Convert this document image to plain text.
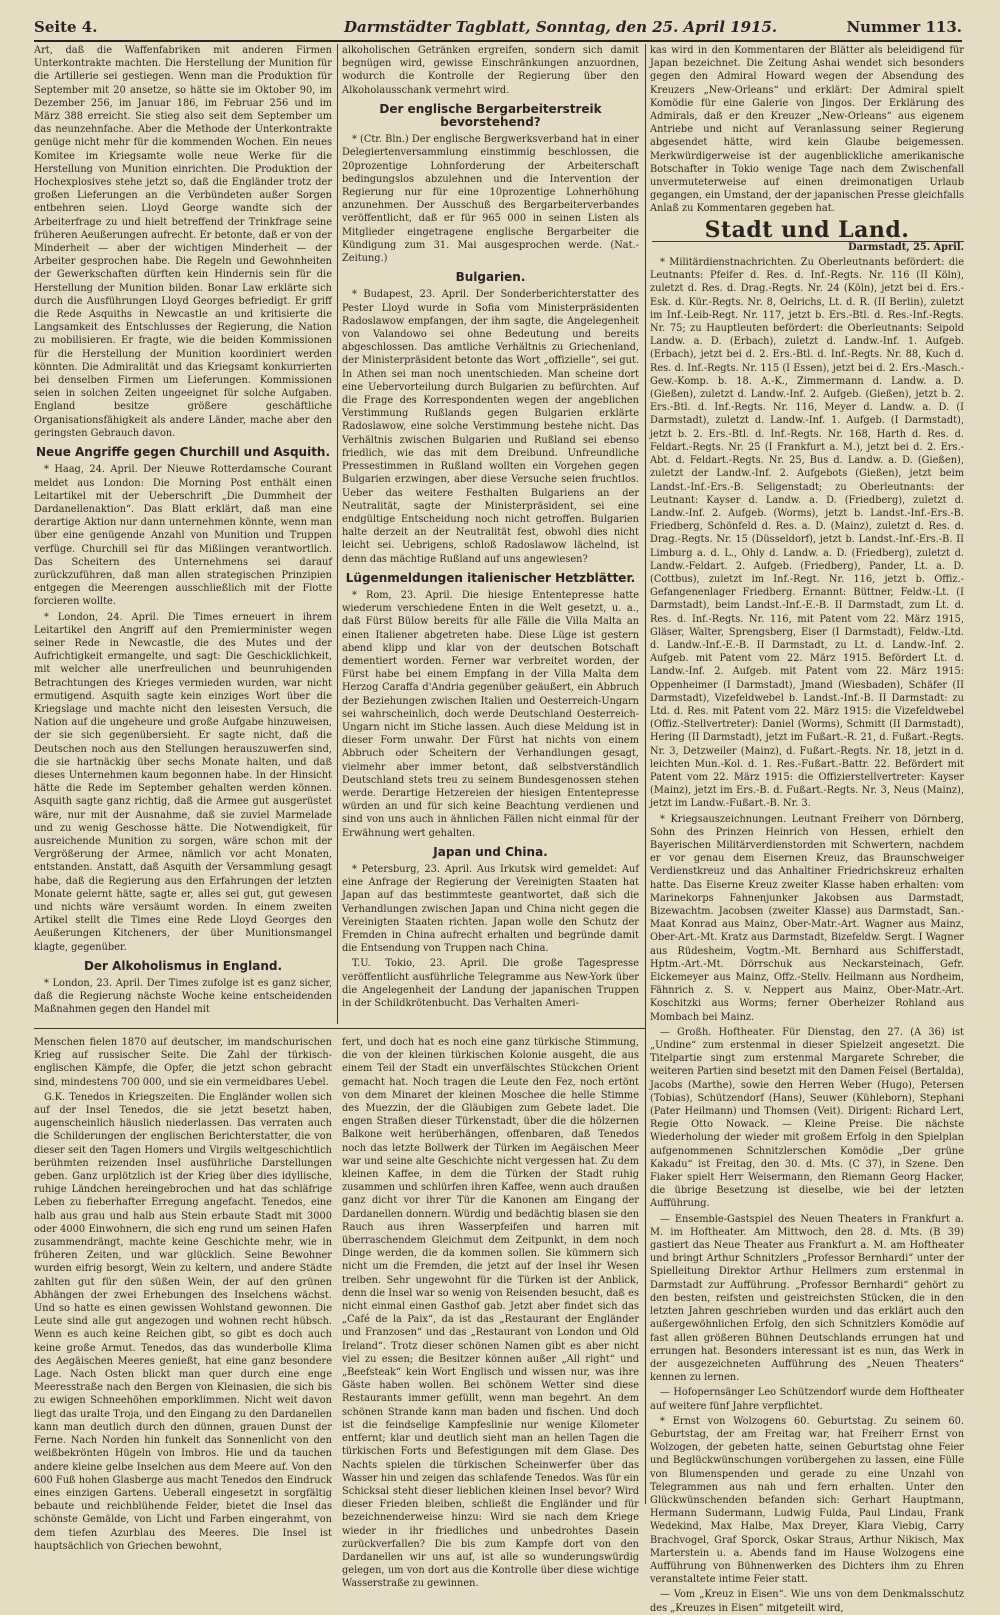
Seite 4.	Darmstädter Tagblatt, Sonntag, den 25. April 1915.	Nummer 113.

Art, daß die Waffenfabriken mit anderen Firmen Unterkontrakte machten. Die Herstellung der Munition für die Artillerie sei gestiegen. Wenn man die Produktion für September mit 20 ansetze, so hätte sie im Oktober 90, im Dezember 256, im Januar 186, im Februar 256 und im März 388 erreicht. Sie stieg also seit dem September um das neunzehnfache. Aber die Methode der Unterkontrakte genüge nicht mehr für die kommenden Wochen. Ein neues Komitee im Kriegsamte wolle neue Werke für die Herstellung von Munition einrichten. Die Produktion der Hochexplosives stehe jetzt so, daß die Engländer trotz der großen Lieferungen an die Verbündeten außer Sorgen entbehren seien. Lloyd George wandte sich der Arbeiterfrage zu und hielt betreffend der Trinkfrage seine früheren Aeußerungen aufrecht. Er betonte, daß er von der Minderheit — aber der wichtigen Minderheit — der Arbeiter gesprochen habe. Die Regeln und Gewohnheiten der Gewerkschaften dürften kein Hindernis sein für die Herstellung der Munition bilden. Bonar Law erklärte sich durch die Ausführungen Lloyd Georges befriedigt. Er griff die Rede Asquiths in Newcastle an und kritisierte die Langsamkeit des Entschlusses der Regierung, die Nation zu mobilisieren. Er fragte, wie die beiden Kommissionen für die Herstellung der Munition koordiniert werden könnten. Die Admiralität und das Kriegsamt konkurrierten bei denselben Firmen um Lieferungen. Kommissionen seien in solchen Zeiten ungeeignet für solche Aufgaben. England besitze größere geschäftliche Organisationsfähigkeit als andere Länder, mache aber den geringsten Gebrauch davon.

Neue Angriffe gegen Churchill und Asquith.

* Haag, 24. April. Der Nieuwe Rotterdamsche Courant meldet aus London: Die Morning Post enthält einen Leitartikel mit der Ueberschrift „Die Dummheit der Dardanellenaktion“. Das Blatt erklärt, daß man eine derartige Aktion nur dann unternehmen könnte, wenn man über eine genügende Anzahl von Munition und Truppen verfüge. Churchill sei für das Mißlingen verantwortlich. Das Scheitern des Unternehmens sei darauf zurückzuführen, daß man allen strategischen Prinzipien entgegen die Meerengen ausschließlich mit der Flotte forcieren wollte.

* London, 24. April. Die Times erneuert in ihrem Leitartikel den Angriff auf den Premierminister wegen seiner Rede in Newcastle, die des Mutes und der Aufrichtigkeit ermangelte, und sagt: Die Geschicklichkeit, mit welcher alle unerfreulichen und beunruhigenden Betrachtungen des Krieges vermieden wurden, war nicht ermutigend. Asquith sagte kein einziges Wort über die Kriegslage und machte nicht den leisesten Versuch, die Nation auf die ungeheure und große Aufgabe hinzuweisen, der sie sich gegenübersieht. Er sagte nicht, daß die Deutschen noch aus den Stellungen herauszuwerfen sind, die sie hartnäckig über sechs Monate halten, und daß dieses Unternehmen kaum begonnen habe. In der Hinsicht hätte die Rede im September gehalten werden können. Asquith sagte ganz richtig, daß die Armee gut ausgerüstet wäre, nur mit der Ausnahme, daß sie zuviel Marmelade und zu wenig Geschosse hätte. Die Notwendigkeit, für ausreichende Munition zu sorgen, wäre schon mit der Vergrößerung der Armee, nämlich vor acht Monaten, entstanden. Anstatt, daß Asquith der Versammlung gesagt habe, daß die Regierung aus den Erfahrungen der letzten Monate gelernt hätte, sagte er, alles sei gut, gut gewesen und nichts wäre versäumt worden. In einem zweiten Artikel stellt die Times eine Rede Lloyd Georges den Aeußerungen Kitcheners, der über Munitionsmangel klagte, gegenüber.

Der Alkoholismus in England.

* London, 23. April. Der Times zufolge ist es ganz sicher, daß die Regierung nächste Woche keine entscheidenden Maßnahmen gegen den Handel mit

alkoholischen Getränken ergreifen, sondern sich damit begnügen wird, gewisse Einschränkungen anzuordnen, wodurch die Kontrolle der Regierung über den Alkoholausschank vermehrt wird.

Der englische Bergarbeiterstreik bevorstehend?

* (Ctr. Bln.) Der englische Bergwerksverband hat in einer Delegiertenversammlung einstimmig beschlossen, die 20prozentige Lohnforderung der Arbeiterschaft bedingungslos abzulehnen und die Intervention der Regierung nur für eine 10prozentige Lohnerhöhung anzunehmen. Der Ausschuß des Bergarbeiterverbandes veröffentlicht, daß er für 965 000 in seinen Listen als Mitglieder eingetragene englische Bergarbeiter die Kündigung zum 31. Mai ausgesprochen werde. (Nat.-Zeitung.)

Bulgarien.

* Budapest, 23. April. Der Sonderberichterstatter des Pester Lloyd wurde in Sofia vom Ministerpräsidenten Radoslawow empfangen, der ihm sagte, die Angelegenheit von Valandowo sei ohne Bedeutung und bereits abgeschlossen. Das amtliche Verhältnis zu Griechenland, der Ministerpräsident betonte das Wort „offizielle“, sei gut. In Athen sei man noch unentschieden. Man scheine dort eine Uebervorteilung durch Bulgarien zu befürchten. Auf die Frage des Korrespondenten wegen der angeblichen Verstimmung Rußlands gegen Bulgarien erklärte Radoslawow, eine solche Verstimmung bestehe nicht. Das Verhältnis zwischen Bulgarien und Rußland sei ebenso friedlich, wie das mit dem Dreibund. Unfreundliche Pressestimmen in Rußland wollten ein Vorgehen gegen Bulgarien erzwingen, aber diese Versuche seien fruchtlos. Ueber das weitere Festhalten Bulgariens an der Neutralität, sagte der Ministerpräsident, sei eine endgültige Entscheidung noch nicht getroffen. Bulgarien halte derzeit an der Neutralität fest, obwohl dies nicht leicht sei. Uebrigens, schloß Radoslawow lächelnd, ist denn das mächtige Rußland auf uns angewiesen?

Lügenmeldungen italienischer Hetzblätter.

* Rom, 23. April. Die hiesige Ententepresse hatte wiederum verschiedene Enten in die Welt gesetzt, u. a., daß Fürst Bülow bereits für alle Fälle die Villa Malta an einen Italiener abgetreten habe. Diese Lüge ist gestern abend klipp und klar von der deutschen Botschaft dementiert worden. Ferner war verbreitet worden, der Fürst habe bei einem Empfang in der Villa Malta dem Herzog Caraffa d'Andria gegenüber geäußert, ein Abbruch der Beziehungen zwischen Italien und Oesterreich-Ungarn sei wahrscheinlich, doch werde Deutschland Oesterreich-Ungarn nicht im Stiche lassen. Auch diese Meldung ist in dieser Form unwahr. Der Fürst hat nichts von einem Abbruch oder Scheitern der Verhandlungen gesagt, vielmehr aber immer betont, daß selbstverständlich Deutschland stets treu zu seinem Bundesgenossen stehen werde. Derartige Hetzereien der hiesigen Ententepresse würden an und für sich keine Beachtung verdienen und sind von uns auch in ähnlichen Fällen nicht einmal für der Erwähnung wert gehalten.

Japan und China.

* Petersburg, 23. April. Aus Irkutsk wird gemeldet: Auf eine Anfrage der Regierung der Vereinigten Staaten hat Japan auf das bestimmteste geantwortet, daß sich die Verhandlungen zwischen Japan und China nicht gegen die Vereinigten Staaten richten. Japan wolle den Schutz der Fremden in China aufrecht erhalten und begründe damit die Entsendung von Truppen nach China.

T.U. Tokio, 23. April. Die große Tagespresse veröffentlicht ausführliche Telegramme aus New-York über die Angelegenheit der Landung der japanischen Truppen in der Schildkrötenbucht. Das Verhalten Ameri-

kas wird in den Kommentaren der Blätter als beleidigend für Japan bezeichnet. Die Zeitung Ashai wendet sich besonders gegen den Admiral Howard wegen der Absendung des Kreuzers „New-Orleans“ und erklärt: Der Admiral spielt Komödie für eine Galerie von Jingos. Der Erklärung des Admirals, daß er den Kreuzer „New-Orleans“ aus eigenem Antriebe und nicht auf Veranlassung seiner Regierung abgesendet hätte, wird kein Glaube beigemessen. Merkwürdigerweise ist der augenblickliche amerikanische Botschafter in Tokio wenige Tage nach dem Zwischenfall unvermuteterweise auf einen dreimonatigen Urlaub gegangen, ein Umstand, der der japanischen Presse gleichfalls Anlaß zu Kommentaren gegeben hat.

Stadt und Land.

Darmstadt, 25. April.

* Militärdienstnachrichten. Zu Oberleutnants befördert: die Leutnants: Pfeifer d. Res. d. Inf.-Regts. Nr. 116 (II Köln), zuletzt d. Res. d. Drag.-Regts. Nr. 24 (Köln), jetzt bei d. Ers.-Esk. d. Kür.-Regts. Nr. 8, Oelrichs, Lt. d. R. (II Berlin), zuletzt im Inf.-Leib-Regt. Nr. 117, jetzt b. Ers.-Btl. d. Res.-Inf.-Regts. Nr. 75; zu Hauptleuten befördert: die Oberleutnants: Seipold Landw. a. D. (Erbach), zuletzt d. Landw.-Inf. 1. Aufgeb. (Erbach), jetzt bei d. 2. Ers.-Btl. d. Inf.-Regts. Nr. 88, Kuch d. Res. d. Inf.-Regts. Nr. 115 (I Essen), jetzt bei d. 2. Ers.-Masch.-Gew.-Komp. b. 18. A.-K., Zimmermann d. Landw. a. D. (Gießen), zuletzt d. Landw.-Inf. 2. Aufgeb. (Gießen), jetzt b. 2. Ers.-Btl. d. Inf.-Regts. Nr. 116, Meyer d. Landw. a. D. (I Darmstadt), zuletzt d. Landw.-Inf. 1. Aufgeb. (I Darmstadt), jetzt b. 2. Ers.-Btl. d. Inf.-Regts. Nr. 168, Harth d. Res. d. Feldart.-Regts. Nr. 25 (I Frankfurt a. M.), jetzt bei d. 2. Ers.-Abt. d. Feldart.-Regts. Nr. 25, Bus d. Landw. a. D. (Gießen), zuletzt der Landw.-Inf. 2. Aufgebots (Gießen), jetzt beim Landst.-Inf.-Ers.-B. Seligenstadt; zu Oberleutnants: der Leutnant: Kayser d. Landw. a. D. (Friedberg), zuletzt d. Landw.-Inf. 2. Aufgeb. (Worms), jetzt b. Landst.-Inf.-Ers.-B. Friedberg, Schönfeld d. Res. a. D. (Mainz), zuletzt d. Res. d. Drag.-Regts. Nr. 15 (Düsseldorf), jetzt b. Landst.-Inf.-Ers.-B. II Limburg a. d. L., Ohly d. Landw. a. D. (Friedberg), zuletzt d. Landw.-Feldart. 2. Aufgeb. (Friedberg), Pander, Lt. a. D. (Cottbus), zuletzt im Inf.-Regt. Nr. 116, jetzt b. Offiz.-Gefangenenlager Friedberg. Ernannt: Büttner, Feldw.-Lt. (I Darmstadt), beim Landst.-Inf.-E.-B. II Darmstadt, zum Lt. d. Res. d. Inf.-Regts. Nr. 116, mit Patent vom 22. März 1915, Gläser, Walter, Sprengsberg, Eiser (I Darmstadt), Feldw.-Ltd. d. Landw.-Inf.-E.-B. II Darmstadt, zu Lt. d. Landw.-Inf. 2. Aufgeb. mit Patent vom 22. März 1915. Befördert Lt. d. Landw.-Inf. 2. Aufgeb. mit Patent vom 22. März 1915: Oppenheimer (I Darmstadt), Jmand (Wiesbaden), Schäfer (II Darmstadt), Vizefeldwebel b. Landst.-Inf.-B. II Darmstadt: zu Ltd. d. Res. mit Patent vom 22. März 1915: die Vizefeldwebel (Offiz.-Stellvertreter): Daniel (Worms), Schmitt (II Darmstadt), Hering (II Darmstadt), jetzt im Fußart.-R. 21, d. Fußart.-Regts. Nr. 3, Detzweiler (Mainz), d. Fußart.-Regts. Nr. 18, jetzt in d. leichten Mun.-Kol. d. 1. Res.-Fußart.-Battr. 22. Befördert mit Patent vom 22. März 1915: die Offizierstellvertreter: Kayser (Mainz), jetzt im Ers.-B. d. Fußart.-Regts. Nr. 3, Neus (Mainz), jetzt im Landw.-Fußart.-B. Nr. 3.

* Kriegsauszeichnungen. Leutnant Freiherr von Dörnberg, Sohn des Prinzen Heinrich von Hessen, erhielt den Bayerischen Militärverdienstorden mit Schwertern, nachdem er vor genau dem Eisernen Kreuz, das Braunschweiger Verdienstkreuz und das Anhaltiner Friedrichskreuz erhalten hatte. Das Eiserne Kreuz zweiter Klasse haben erhalten: vom Marinekorps Fahnenjunker Jakobsen aus Darmstadt, Bizewachtm. Jacobsen (zweiter Klasse) aus Darmstadt, San.-Maat Konrad aus Mainz, Ober-Matr.-Art. Wagner aus Mainz, Ober-Art.-Mt. Kratz aus Darmstadt, Bizefeldw. Sergt. I Wagner aus Rüdesheim, Vogtm.-Mt. Bernhard aus Schifferstadt, Hptm.-Art.-Mt. Dörrschuk aus Neckarsteinach, Gefr. Eickemeyer aus Mainz, Offz.-Stellv. Heilmann aus Nordheim, Fähnrich z. S. v. Neppert aus Mainz, Ober-Matr.-Art. Koschitzki aus Worms; ferner Oberheizer Rohland aus Mombach bei Mainz.

— Großh. Hoftheater. Für Dienstag, den 27. (A 36) ist „Undine“ zum erstenmal in dieser Spielzeit angesetzt. Die Titelpartie singt zum erstenmal Margarete Schreber, die weiteren Partien sind besetzt mit den Damen Feisel (Bertalda), Jacobs (Marthe), sowie den Herren Weber (Hugo), Petersen (Tobias), Schützendorf (Hans), Seuwer (Kühleborn), Stephani (Pater Heilmann) und Thomsen (Veit). Dirigent: Richard Lert, Regie Otto Nowack. — Kleine Preise. Die nächste Wiederholung der wieder mit großem Erfolg in den Spielplan aufgenommenen Schnitzlerschen Komödie „Der grüne Kakadu“ ist Freitag, den 30. d. Mts. (C 37), in Szene. Den Fiaker spielt Herr Weisermann, den Riemann Georg Hacker, die übrige Besetzung ist dieselbe, wie bei der letzten Aufführung.

— Ensemble-Gastspiel des Neuen Theaters in Frankfurt a. M. im Hoftheater. Am Mittwoch, den 28. d. Mts. (B 39) gastiert das Neue Theater aus Frankfurt a. M. am Hoftheater und bringt Arthur Schnitzlers „Professor Bernhardi“ unter der Spielleitung Direktor Arthur Hellmers zum erstenmal in Darmstadt zur Aufführung. „Professor Bernhardi“ gehört zu den besten, reifsten und geistreichsten Stücken, die in den letzten Jahren geschrieben wurden und das erklärt auch den außergewöhnlichen Erfolg, den sich Schnitzlers Komödie auf fast allen größeren Bühnen Deutschlands errungen hat und errungen hat. Besonders interessant ist es nun, das Werk in der ausgezeichneten Aufführung des „Neuen Theaters“ kennen zu lernen.

— Hofopernsänger Leo Schützendorf wurde dem Hoftheater auf weitere fünf Jahre verpflichtet.

* Ernst von Wolzogens 60. Geburtstag. Zu seinem 60. Geburtstag, der am Freitag war, hat Freiherr Ernst von Wolzogen, der gebeten hatte, seinen Geburtstag ohne Feier und Beglückwünschungen vorübergehen zu lassen, eine Fülle von Blumenspenden und gerade zu eine Unzahl von Telegrammen aus nah und fern erhalten. Unter den Glückwünschenden befanden sich: Gerhart Hauptmann, Hermann Sudermann, Ludwig Fulda, Paul Lindau, Frank Wedekind, Max Halbe, Max Dreyer, Klara Viebig, Carry Brachvogel, Graf Sporck, Oskar Straus, Arthur Nikisch, Max Marterstein u. a. Abends fand im Hause Wolzogens eine Aufführung von Bühnenwerken des Dichters ihm zu Ehren veranstaltete intime Feier statt.

— Vom „Kreuz in Eisen“. Wie uns von dem Denkmalsschutz des „Kreuzes in Eisen“ mitgeteilt wird,

Menschen fielen 1870 auf deutscher, im mandschurischen Krieg auf russischer Seite. Die Zahl der türkisch-englischen Kämpfe, die Opfer, die jetzt schon gebracht sind, mindestens 700 000, und sie ein vermeidbares Uebel.

G.K. Tenedos in Kriegszeiten. Die Engländer wollen sich auf der Insel Tenedos, die sie jetzt besetzt haben, augenscheinlich häuslich niederlassen. Das verraten auch die Schilderungen der englischen Berichterstatter, die von dieser seit den Tagen Homers und Virgils weltgeschichtlich berühmten reizenden Insel ausführliche Darstellungen geben. Ganz urplötzlich ist der Krieg über dies idyllische, ruhige Ländchen hereingebrochen und hat das schläfrige Leben zu fieberhafter Erregung angefacht. Tenedos, eine halb aus grau und halb aus Stein erbaute Stadt mit 3000 oder 4000 Einwohnern, die sich eng rund um seinen Hafen zusammendrängt, machte keine Geschichte mehr, wie in früheren Zeiten, und war glücklich. Seine Bewohner wurden eifrig besorgt, Wein zu keltern, und andere Städte zahlten gut für den süßen Wein, der auf den grünen Abhängen der zwei Erhebungen des Inselchens wächst. Und so hatte es einen gewissen Wohlstand gewonnen. Die Leute sind alle gut angezogen und wohnen recht hübsch. Wenn es auch keine Reichen gibt, so gibt es doch auch keine große Armut. Tenedos, das das wunderbolle Klima des Aegäischen Meeres genießt, hat eine ganz besondere Lage. Nach Osten blickt man quer durch eine enge Meeresstraße nach den Bergen von Kleinasien, die sich bis zu ewigen Schneehöhen emporklimmen. Nicht weit davon liegt das uralte Troja, und den Eingang zu den Dardanellen kann man deutlich durch den dünnen, grauen Dunst der Ferne. Nach Norden hin funkelt das Sonnenlicht von den weißbekrönten Hügeln von Imbros. Hie und da tauchen andere kleine gelbe Inselchen aus dem Meere auf. Von den 600 Fuß hohen Glasberge aus macht Tenedos den Eindruck eines einzigen Gartens. Ueberall eingesetzt in sorgfältig bebaute und reichblühende Felder, bietet die Insel das schönste Gemälde, von Licht und Farben eingerahmt, von dem tiefen Azurblau des Meeres. Die Insel ist hauptsächlich von Griechen bewohnt,

fert, und doch hat es noch eine ganz türkische Stimmung, die von der kleinen türkischen Kolonie ausgeht, die aus einem Teil der Stadt ein unverfälschtes Stückchen Orient gemacht hat. Noch tragen die Leute den Fez, noch ertönt von dem Minaret der kleinen Moschee die helle Stimme des Muezzin, der die Gläubigen zum Gebete ladet. Die engen Straßen dieser Türkenstadt, über die die hölzernen Balkone weit herüberhängen, offenbaren, daß Tenedos noch das letzte Bollwerk der Türken im Aegäischen Meer war und seine alte Geschichte nicht vergessen hat. Zu dem kleinen Kaffee, in dem die Türken der Stadt ruhig zusammen und schlürfen ihren Kaffee, wenn auch draußen ganz dicht vor ihrer Tür die Kanonen am Eingang der Dardanellen donnern. Würdig und bedächtig blasen sie den Rauch aus ihren Wasserpfeifen und harren mit überraschendem Gleichmut dem Zeitpunkt, in dem noch Dinge werden, die da kommen sollen. Sie kümmern sich nicht um die Fremden, die jetzt auf der Insel ihr Wesen treiben. Sehr ungewohnt für die Türken ist der Anblick, denn die Insel war so wenig von Reisenden besucht, daß es nicht einmal einen Gasthof gab. Jetzt aber findet sich das „Café de la Paix“, da ist das „Restaurant der Engländer und Franzosen“ und das „Restaurant von London und Old Ireland“. Trotz dieser schönen Namen gibt es aber nicht viel zu essen; die Besitzer können außer „All right“ und „Beefsteak“ kein Wort Englisch und wissen nur, was ihre Gäste haben wollen. Bei schönem Wetter sind diese Restaurants immer gefüllt, wenn man begehrt. An dem schönen Strande kann man baden und fischen. Und doch ist die feindselige Kampfeslinie nur wenige Kilometer entfernt; klar und deutlich sieht man an hellen Tagen die türkischen Forts und Befestigungen mit dem Glase. Des Nachts spielen die türkischen Scheinwerfer über das Wasser hin und zeigen das schlafende Tenedos. Was für ein Schicksal steht dieser lieblichen kleinen Insel bevor? Wird dieser Frieden bleiben, schließt die Engländer und für bezeichnenderweise hinzu: Wird sie nach dem Kriege wieder in ihr friedliches und unbedrohtes Dasein zurückverfallen? Die bis zum Kampfe dort von den Dardanellen wir uns auf, ist alle so wunderungswürdig gelegen, um von dort aus die Kontrolle über diese wichtige Wasserstraße zu gewinnen.
